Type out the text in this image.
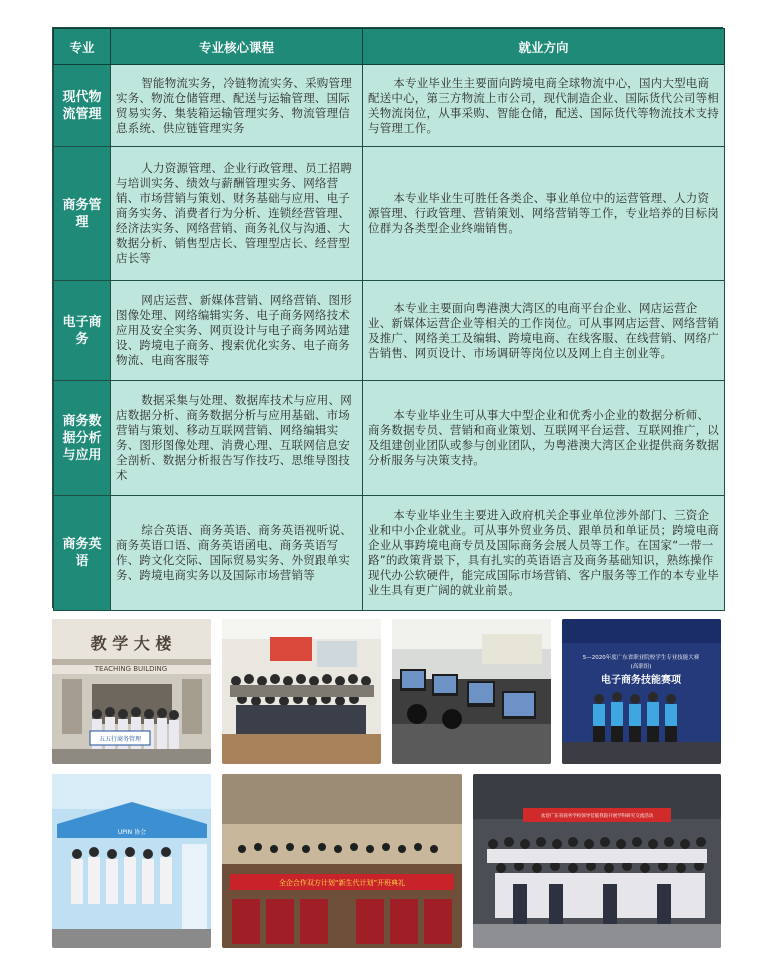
专业	专业核心课程	就业方向
现代物流管理	智能物流实务，冷链物流实务、采购管理实务、物流仓储管理、配送与运输管理、国际贸易实务、集装箱运输管理实务、物流管理信息系统、供应链管理实务	本专业毕业生主要面向跨境电商全球物流中心，国内大型电商配送中心，第三方物流上市公司，现代制造企业、国际货代公司等相关物流岗位，从事采购、智能仓储，配送、国际货代等物流技术支持与管理工作。
商务管理	人力资源管理、企业行政管理、员工招聘与培训实务、绩效与薪酬管理实务、网络营销、市场营销与策划、财务基础与应用、电子商务实务、消费者行为分析、连锁经营管理、经济法实务、网络营销、商务礼仪与沟通、大数据分析、销售型店长、管理型店长、经营型店长等	本专业毕业生可胜任各类企、事业单位中的运营管理、人力资源管理、行政管理、营销策划、网络营销等工作，专业培养的目标岗位群为各类型企业终端销售。
电子商务	网店运营、新媒体营销、网络营销、图形图像处理、网络编辑实务、电子商务网络技术应用及安全实务、网页设计与电子商务网站建设、跨境电子商务、搜索优化实务、电子商务物流、电商客服等	本专业主要面向粤港澳大湾区的电商平台企业、网店运营企业、新媒体运营企业等相关的工作岗位。可从事网店运营、网络营销及推广、网络美工及编辑、跨境电商、在线客服、在线营销、网络广告销售、网页设计、市场调研等岗位以及网上自主创业等。
商务数据分析与应用	数据采集与处理、数据库技术与应用、网店数据分析、商务数据分析与应用基础、市场营销与策划、移动互联网营销、网络编辑实务、图形图像处理、消费心理、互联网信息安全剖析、数据分析报告写作技巧、思维导图技术	本专业毕业生可从事大中型企业和优秀小企业的数据分析师、商务数据专员、营销和商业策划、互联网平台运营、互联网推广，以及组建创业团队或参与创业团队，为粤港澳大湾区企业提供商务数据分析服务与决策支持。
商务英语	综合英语、商务英语、商务英语视听说、商务英语口语、商务英语函电、商务英语写作、跨文化交际、国际贸易实务、外贸跟单实务、跨境电商实务以及国际市场营销等	本专业毕业生主要进入政府机关企事业单位涉外部门、三资企业和中小企业就业。可从事外贸业务员、跟单员和单证员；跨境电商企业从事跨境电商专员及国际商务会展人员等工作。在国家“一带一路”的政策背景下，具有扎实的英语语言及商务基础知识，熟练操作现代办公软硬件，能完成国际市场营销、客户服务等工作的本专业毕业生具有更广阔的就业前景。
教 学 大 楼
TEACHING BUILDING
五五行商务管理
5—2020年度广东省职业院校学生专业技能大赛
(高职组)
电子商务技能赛项
UPIN 协会
全企合作双方计划“新生代计划”开班典礼
欢迎广东省商务学校领导莅临我院开展学科研究交流活动
